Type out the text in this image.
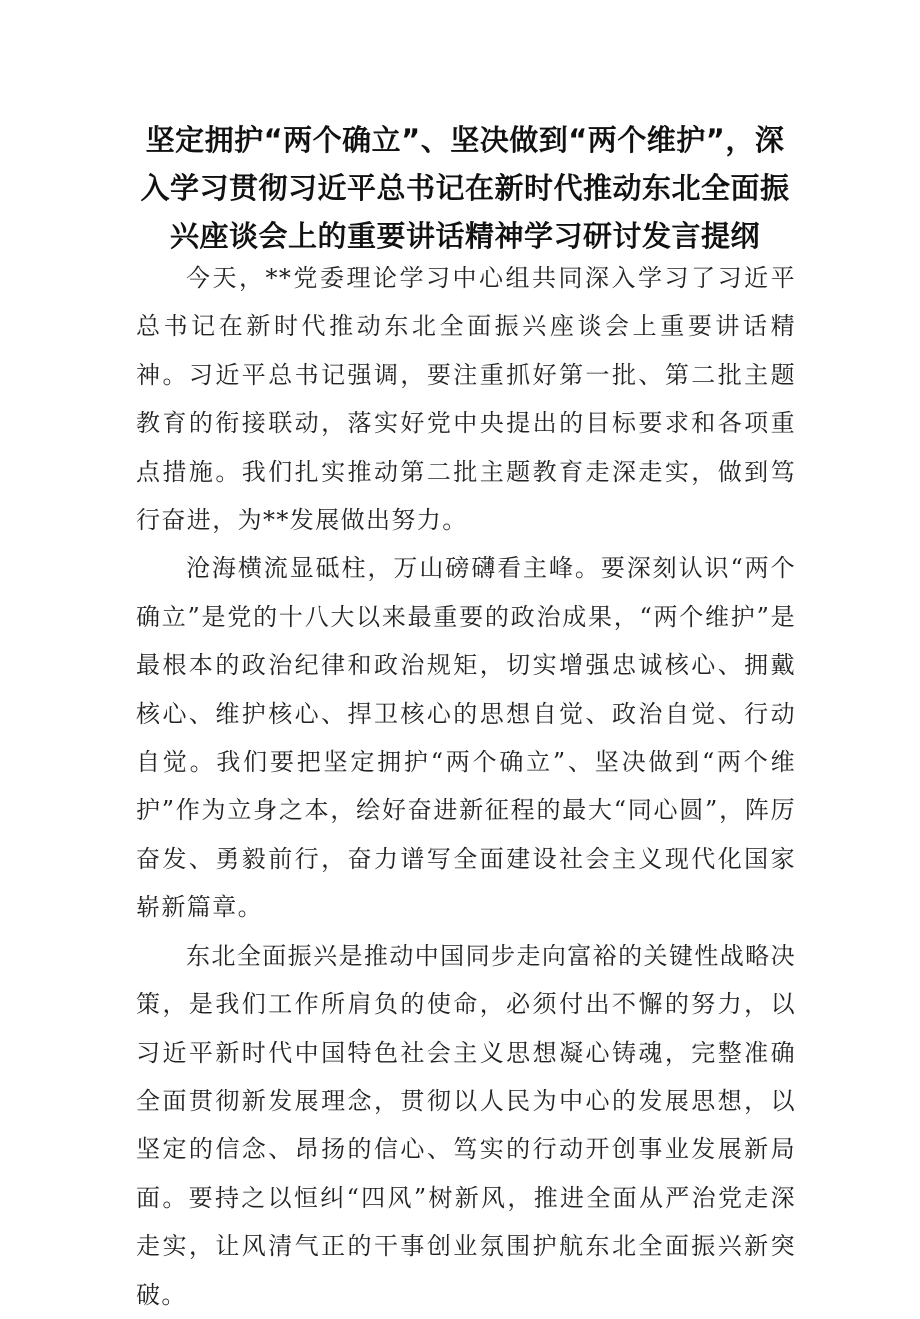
坚定拥护“两个确立”、坚决做到“两个维护”，深
入学习贯彻习近平总书记在新时代推动东北全面振
兴座谈会上的重要讲话精神学习研讨发言提纲

今天，**党委理论学习中心组共同深入学习了习近平总书记在新时代推动东北全面振兴座谈会上重要讲话精神。习近平总书记强调，要注重抓好第一批、第二批主题教育的衔接联动，落实好党中央提出的目标要求和各项重点措施。我们扎实推动第二批主题教育走深走实，做到笃行奋进，为**发展做出努力。

沧海横流显砥柱，万山磅礴看主峰。要深刻认识“两个确立”是党的十八大以来最重要的政治成果，“两个维护”是最根本的政治纪律和政治规矩，切实增强忠诚核心、拥戴核心、维护核心、捍卫核心的思想自觉、政治自觉、行动自觉。我们要把坚定拥护“两个确立”、坚决做到“两个维护”作为立身之本，绘好奋进新征程的最大“同心圆”，阵厉奋发、勇毅前行，奋力谱写全面建设社会主义现代化国家崭新篇章。

东北全面振兴是推动中国同步走向富裕的关键性战略决策，是我们工作所肩负的使命，必须付出不懈的努力，以习近平新时代中国特色社会主义思想凝心铸魂，完整准确全面贯彻新发展理念，贯彻以人民为中心的发展思想，以坚定的信念、昂扬的信心、笃实的行动开创事业发展新局面。要持之以恒纠“四风”树新风，推进全面从严治党走深走实，让风清气正的干事创业氛围护航东北全面振兴新突破。
